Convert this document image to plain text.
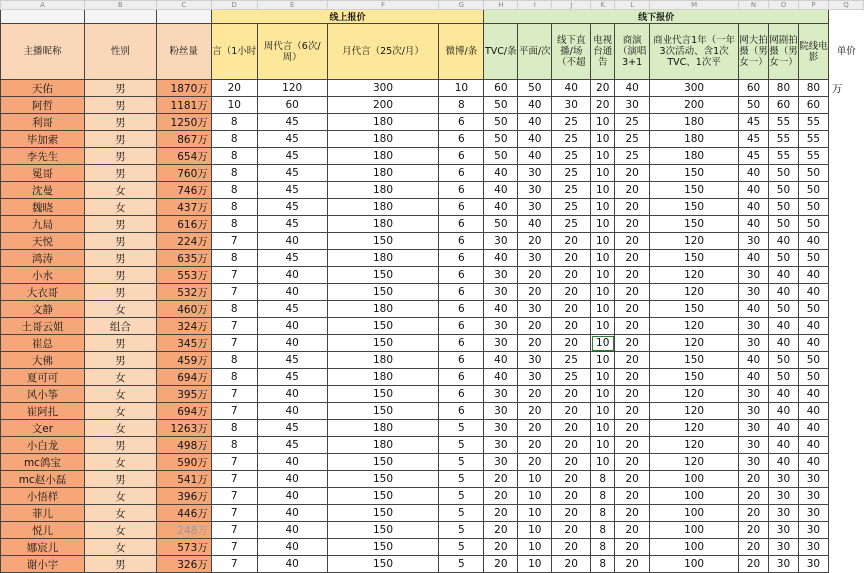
A	B	C	D	E	F	G	H	I	J	K	L	M	N	O	P	Q
			线上报价				线下报价									
主播昵称	性别	粉丝量	言（1小时	周代言（6次/周）	月代言（25次/月）	微博/条	TVC/条	平面/次	线下直播/场（不超	电视台通告	商演（演唱3+1	商业代言1年（一年3次活动、含1次TVC、1次平	网大拍摄（男女一）	网剧拍摄（男女一）	院线电影	单价
天佑	男	1870万	20	120	300	10	60	50	40	20	40	300	60	80	80	万
阿哲	男	1181万	10	60	200	8	50	40	30	20	30	200	50	60	60	
利哥	男	1250万	8	45	180	6	50	40	25	10	25	180	45	55	55	
毕加索	男	867万	8	45	180	6	50	40	25	10	25	180	45	55	55	
李先生	男	654万	8	45	180	6	50	40	25	10	25	180	45	55	55	
冕哥	男	760万	8	45	180	6	40	30	25	10	20	150	40	50	50	
沈曼	女	746万	8	45	180	6	40	30	25	10	20	150	40	50	50	
魏晓	女	437万	8	45	180	6	40	30	25	10	20	150	40	50	50	
九局	男	616万	8	45	180	6	50	40	25	10	20	150	40	50	50	
天悦	男	224万	7	40	150	6	30	20	20	10	20	120	30	40	40	
鸿涛	男	635万	8	45	180	6	40	30	20	10	20	150	40	50	50	
小水	男	553万	7	40	150	6	30	20	20	10	20	120	30	40	40	
大衣哥	男	532万	7	40	150	6	30	20	20	10	20	120	30	40	40	
文静	女	460万	8	45	180	6	40	30	20	10	20	150	40	50	50	
土哥云姐	组合	324万	7	40	150	6	30	20	20	10	20	120	30	40	40	
崔总	男	345万	7	40	150	6	30	20	20	10	20	120	30	40	40	
大佛	男	459万	8	45	180	6	40	30	25	10	20	150	40	50	50	
夏可可	女	694万	8	45	180	6	40	30	25	10	20	150	40	50	50	
风小筝	女	395万	7	40	150	6	30	20	20	10	20	120	30	40	40	
崔阿扎	女	694万	7	40	150	6	30	20	20	10	20	120	30	40	40	
文er	女	1263万	8	45	180	5	30	20	20	10	20	120	30	40	40	
小白龙	男	498万	8	45	180	5	30	20	20	10	20	120	30	40	40	
mc鸽宝	女	590万	7	40	150	5	30	20	20	10	20	120	30	40	40	
mc赵小磊	男	541万	7	40	150	5	20	10	20	8	20	100	20	30	30	
小悟样	女	396万	7	40	150	5	20	10	20	8	20	100	20	30	30	
菲儿	女	446万	7	40	150	5	20	10	20	8	20	100	20	30	30	
悦儿	女	248万	7	40	150	5	20	10	20	8	20	100	20	30	30	
娜宸儿	女	573万	7	40	150	5	20	10	20	8	20	100	20	30	30	
谢小宇	男	326万	7	40	150	5	20	10	20	8	20	100	20	30	30	
